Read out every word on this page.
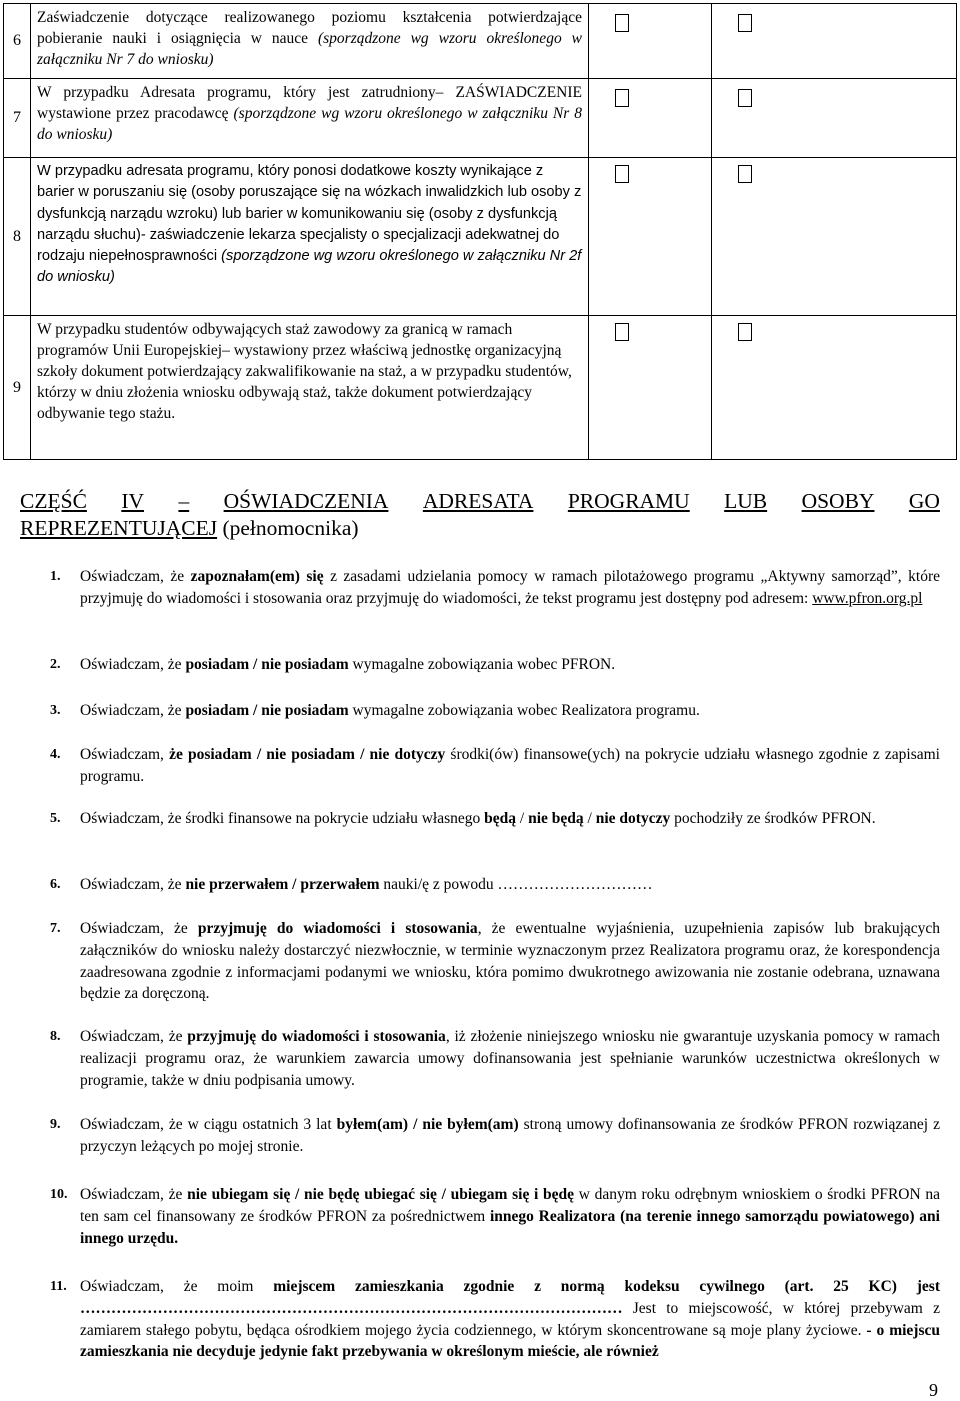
6	Zaświadczenie dotyczące realizowanego poziomu kształcenia potwierdzające pobieranie nauki i osiągnięcia w nauce (sporządzone wg wzoru określonego w załączniku Nr 7 do wniosku)	

7	W przypadku Adresata programu, który jest zatrudniony– ZAŚWIADCZENIE wystawione przez pracodawcę (sporządzone wg wzoru określonego w załączniku Nr 8 do wniosku)	

8	W przypadku adresata programu, który ponosi dodatkowe koszty wynikające z barier w poruszaniu się (osoby poruszające się na wózkach inwalidzkich lub osoby z dysfunkcją narządu wzroku) lub barier w komunikowaniu się (osoby z dysfunkcją narządu słuchu)- zaświadczenie lekarza specjalisty o specjalizacji adekwatnej do rodzaju niepełnosprawności (sporządzone wg wzoru określonego w załączniku Nr 2f do wniosku)	

9	W przypadku studentów odbywających staż zawodowy za granicą w ramach programów Unii Europejskiej– wystawiony przez właściwą jednostkę organizacyjną szkoły dokument potwierdzający zakwalifikowanie na staż, a w przypadku studentów, którzy w dniu złożenia wniosku odbywają staż, także dokument potwierdzający odbywanie tego stażu.	

CZĘŚĆ IV – OŚWIADCZENIA ADRESATA PROGRAMU LUB OSOBY GO
REPREZENTUJĄCEJ (pełnomocnika)
1.	Oświadczam, że zapoznałam(em) się z zasadami udzielania pomocy w ramach pilotażowego programu „Aktywny samorząd”, które przyjmuję do wiadomości i stosowania oraz przyjmuję do wiadomości, że tekst programu jest dostępny pod adresem: www.pfron.org.pl
2.	Oświadczam, że posiadam / nie posiadam wymagalne zobowiązania wobec PFRON.
3.	Oświadczam, że posiadam / nie posiadam wymagalne zobowiązania wobec Realizatora programu.
4.	Oświadczam, że posiadam / nie posiadam / nie dotyczy środki(ów) finansowe(ych) na pokrycie udziału własnego zgodnie z zapisami programu.
5.	Oświadczam, że środki finansowe na pokrycie udziału własnego będą / nie będą / nie dotyczy pochodziły ze środków PFRON.
6.	Oświadczam, że nie przerwałem / przerwałem nauki/ę z powodu …………………………
7.	Oświadczam, że przyjmuję do wiadomości i stosowania, że ewentualne wyjaśnienia, uzupełnienia zapisów lub brakujących załączników do wniosku należy dostarczyć niezwłocznie, w terminie wyznaczonym przez Realizatora programu oraz, że korespondencja zaadresowana zgodnie z informacjami podanymi we wniosku, która pomimo dwukrotnego awizowania nie zostanie odebrana, uznawana będzie za doręczoną.
8.	Oświadczam, że przyjmuję do wiadomości i stosowania, iż złożenie niniejszego wniosku nie gwarantuje uzyskania pomocy w ramach realizacji programu oraz, że warunkiem zawarcia umowy dofinansowania jest spełnianie warunków uczestnictwa określonych w programie, także w dniu podpisania umowy.
9.	Oświadczam, że w ciągu ostatnich 3 lat byłem(am) / nie byłem(am) stroną umowy dofinansowania ze środków PFRON rozwiązanej z przyczyn leżących po mojej stronie.
10. Oświadczam, że nie ubiegam się / nie będę ubiegać się / ubiegam się i będę w danym roku odrębnym wnioskiem o środki PFRON na ten sam cel finansowany ze środków PFRON za pośrednictwem innego Realizatora (na terenie innego samorządu powiatowego) ani innego urzędu.
11. Oświadczam, że moim miejscem zamieszkania zgodnie z normą kodeksu cywilnego (art. 25 KC) jest …………………………………………………………………………………………… Jest to miejscowość, w której przebywam z zamiarem stałego pobytu, będąca ośrodkiem mojego życia codziennego, w którym skoncentrowane są moje plany życiowe. - o miejscu zamieszkania nie decyduje jedynie fakt przebywania w określonym mieście, ale również
9
